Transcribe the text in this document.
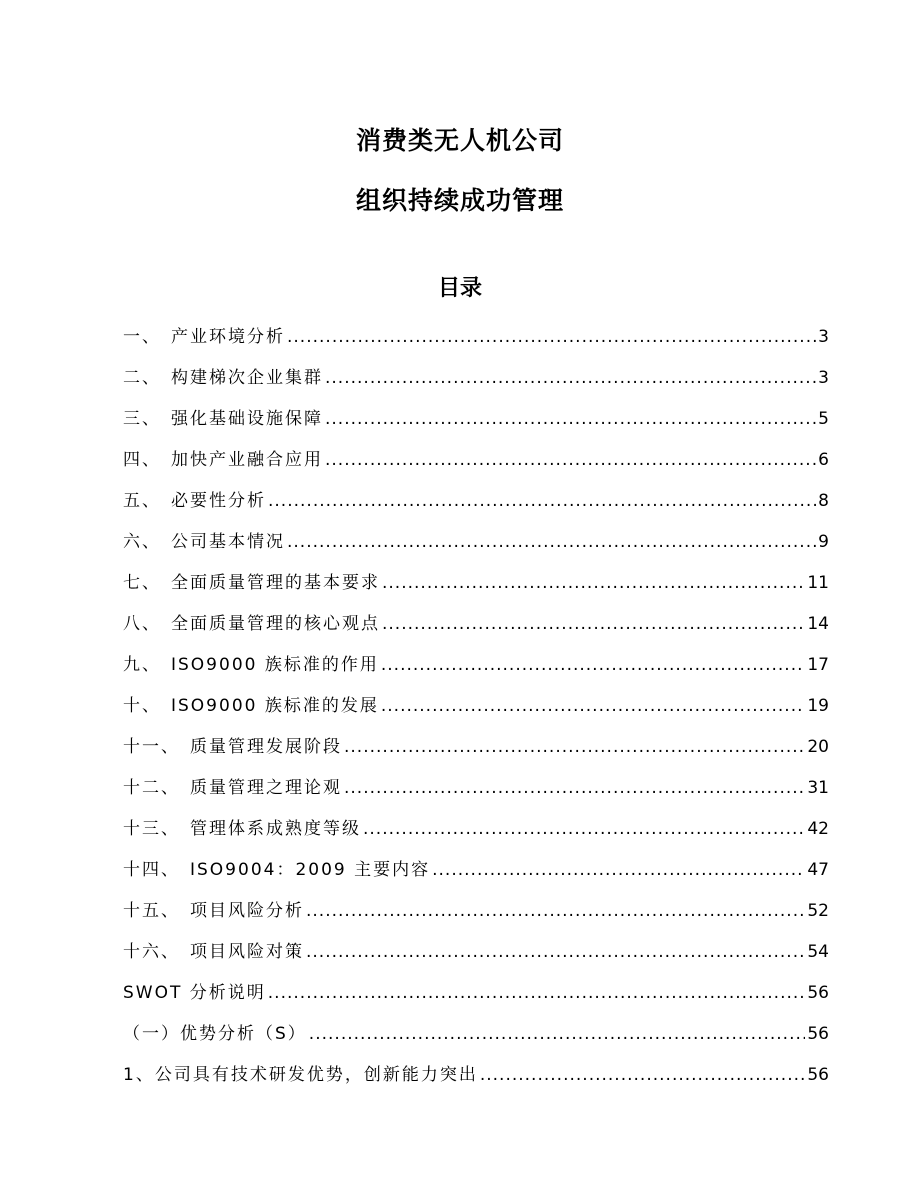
消费类无人机公司
组织持续成功管理
目录
一、 产业环境分析 .....	3
二、 构建梯次企业集群 .....	3
三、 强化基础设施保障 .....	5
四、 加快产业融合应用 .....	6
五、 必要性分析 .....	8
六、 公司基本情况 .....	9
七、 全面质量管理的基本要求 .....	11
八、 全面质量管理的核心观点 .....	14
九、 ISO9000 族标准的作用 .....	17
十、 ISO9000 族标准的发展 .....	19
十一、 质量管理发展阶段 .....	20
十二、 质量管理之理论观 .....	31
十三、 管理体系成熟度等级 .....	42
十四、 ISO9004：2009 主要内容 .....	47
十五、 项目风险分析 .....	52
十六、 项目风险对策 .....	54
SWOT 分析说明 .....	56
（一）优势分析（S） .....	56
1、公司具有技术研发优势，创新能力突出 .....	56
